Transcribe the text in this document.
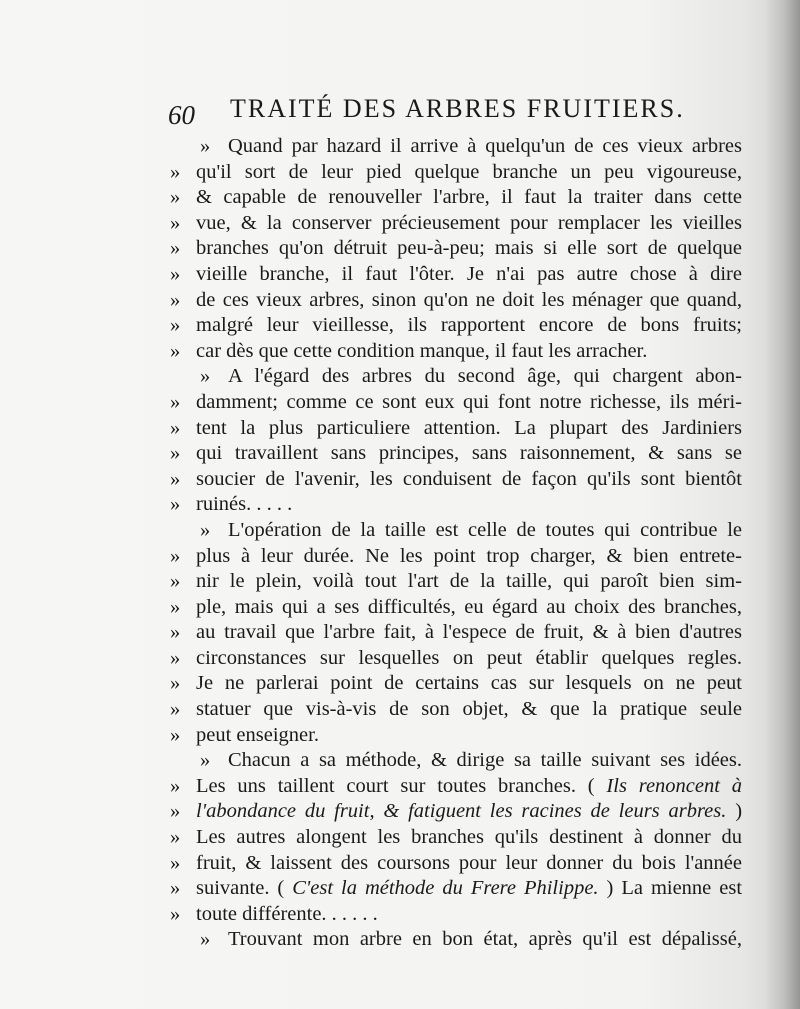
60 TRAITÉ DES ARBRES FRUITIERS.
» Quand par hazard il arrive à quelqu'un de ces vieux arbres
» qu'il sort de leur pied quelque branche un peu vigoureuse,
» & capable de renouveller l'arbre, il faut la traiter dans cette
» vue, & la conserver précieusement pour remplacer les vieilles
» branches qu'on détruit peu-à-peu; mais si elle sort de quelque
» vieille branche, il faut l'ôter. Je n'ai pas autre chose à dire
» de ces vieux arbres, sinon qu'on ne doit les ménager que quand,
» malgré leur vieillesse, ils rapportent encore de bons fruits;
» car dès que cette condition manque, il faut les arracher.
» A l'égard des arbres du second âge, qui chargent abon-
» damment; comme ce sont eux qui font notre richesse, ils méri-
» tent la plus particuliere attention. La plupart des Jardiniers
» qui travaillent sans principes, sans raisonnement, & sans se
» soucier de l'avenir, les conduisent de façon qu'ils sont bientôt
» ruinés. . . . .
» L'opération de la taille est celle de toutes qui contribue le
» plus à leur durée. Ne les point trop charger, & bien entrete-
» nir le plein, voilà tout l'art de la taille, qui paroît bien sim-
» ple, mais qui a ses difficultés, eu égard au choix des branches,
» au travail que l'arbre fait, à l'espece de fruit, & à bien d'autres
» circonstances sur lesquelles on peut établir quelques regles.
» Je ne parlerai point de certains cas sur lesquels on ne peut
» statuer que vis-à-vis de son objet, & que la pratique seule
» peut enseigner.
» Chacun a sa méthode, & dirige sa taille suivant ses idées.
» Les uns taillent court sur toutes branches. ( Ils renoncent à
» l'abondance du fruit, & fatiguent les racines de leurs arbres. )
» Les autres alongent les branches qu'ils destinent à donner du
» fruit, & laissent des coursons pour leur donner du bois l'année
» suivante. ( C'est la méthode du Frere Philippe. ) La mienne est
» toute différente. . . . . .
» Trouvant mon arbre en bon état, après qu'il est dépalissé,
